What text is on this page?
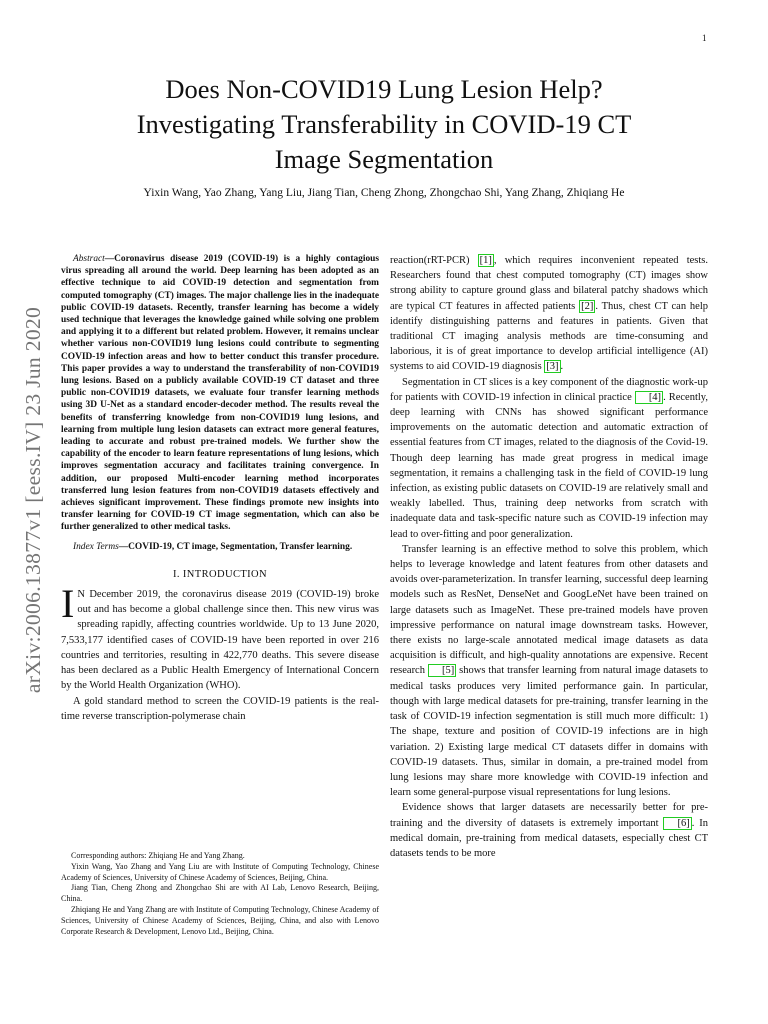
1
arXiv:2006.13877v1 [eess.IV] 23 Jun 2020
Does Non-COVID19 Lung Lesion Help?
Investigating Transferability in COVID-19 CT
Image Segmentation

Yixin Wang, Yao Zhang, Yang Liu, Jiang Tian, Cheng Zhong, Zhongchao Shi, Yang Zhang, Zhiqiang He

Abstract—Coronavirus disease 2019 (COVID-19) is a highly contagious virus spreading all around the world. Deep learning has been adopted as an effective technique to aid COVID-19 detection and segmentation from computed tomography (CT) images. The major challenge lies in the inadequate public COVID-19 datasets. Recently, transfer learning has become a widely used technique that leverages the knowledge gained while solving one problem and applying it to a different but related problem. However, it remains unclear whether various non-COVID19 lung lesions could contribute to segmenting COVID-19 infection areas and how to better conduct this transfer procedure. This paper provides a way to understand the transferability of non-COVID19 lung lesions. Based on a publicly available COVID-19 CT dataset and three public non-COVID19 datasets, we evaluate four transfer learning methods using 3D U-Net as a standard encoder-decoder method. The results reveal the benefits of transferring knowledge from non-COVID19 lung lesions, and learning from multiple lung lesion datasets can extract more general features, leading to accurate and robust pre-trained models. We further show the capability of the encoder to learn feature representations of lung lesions, which improves segmentation accuracy and facilitates training convergence. In addition, our proposed Multi-encoder learning method incorporates transferred lung lesion features from non-COVID19 datasets effectively and achieves significant improvement. These findings promote new insights into transfer learning for COVID-19 CT image segmentation, which can also be further generalized to other medical tasks.

Index Terms—COVID-19, CT image, Segmentation, Transfer learning.

I. INTRODUCTION

I N December 2019, the coronavirus disease 2019 (COVID-19) broke out and has become a global challenge since then. This new virus was spreading rapidly, affecting countries worldwide. Up to 13 June 2020, 7,533,177 identified cases of COVID-19 have been reported in over 216 countries and territories, resulting in 422,770 deaths. This severe disease has been declared as a Public Health Emergency of International Concern by the World Health Organization (WHO).

A gold standard method to screen the COVID-19 patients is the real-time reverse transcription-polymerase chain

Corresponding authors: Zhiqiang He and Yang Zhang.

Yixin Wang, Yao Zhang and Yang Liu are with Institute of Computing Technology, Chinese Academy of Sciences, University of Chinese Academy of Sciences, Beijing, China.

Jiang Tian, Cheng Zhong and Zhongchao Shi are with AI Lab, Lenovo Research, Beijing, China.

Zhiqiang He and Yang Zhang are with Institute of Computing Technology, Chinese Academy of Sciences, University of Chinese Academy of Sciences, Beijing, China, and also with Lenovo Corporate Research & Development, Lenovo Ltd., Beijing, China.

reaction(rRT-PCR) [1] , which requires inconvenient repeated tests. Researchers found that chest computed tomography (CT) images show strong ability to capture ground glass and bilateral patchy shadows which are typical CT features in affected patients [2] . Thus, chest CT can help identify distinguishing patterns and features in patients. Given that traditional CT imaging analysis methods are time-consuming and laborious, it is of great importance to develop artificial intelligence (AI) systems to aid COVID-19 diagnosis [3] .

Segmentation in CT slices is a key component of the diagnostic work-up for patients with COVID-19 infection in clinical practice [4] . Recently, deep learning with CNNs has showed significant performance improvements on the automatic detection and automatic extraction of essential features from CT images, related to the diagnosis of the Covid-19. Though deep learning has made great progress in medical image segmentation, it remains a challenging task in the field of COVID-19 lung infection, as existing public datasets on COVID-19 are relatively small and weakly labelled. Thus, training deep networks from scratch with inadequate data and task-specific nature such as COVID-19 infection may lead to over-fitting and poor generalization.

Transfer learning is an effective method to solve this problem, which helps to leverage knowledge and latent features from other datasets and avoids over-parameterization. In transfer learning, successful deep learning models such as ResNet, DenseNet and GoogLeNet have been trained on large datasets such as ImageNet. These pre-trained models have proven impressive performance on natural image downstream tasks. However, there exists no large-scale annotated medical image datasets as data acquisition is difficult, and high-quality annotations are expensive. Recent research [5] shows that transfer learning from natural image datasets to medical tasks produces very limited performance gain. In particular, though with large medical datasets for pre-training, transfer learning in the task of COVID-19 infection segmentation is still much more difficult: 1) The shape, texture and position of COVID-19 infections are in high variation. 2) Existing large medical CT datasets differ in domains with COVID-19 datasets. Thus, similar in domain, a pre-trained model from lung lesions may share more knowledge with COVID-19 infection and learn some general-purpose visual representations for lung lesions.

Evidence shows that larger datasets are necessarily better for pre-training and the diversity of datasets is extremely important [6] . In medical domain, pre-training from medical datasets, especially chest CT datasets tends to be more
